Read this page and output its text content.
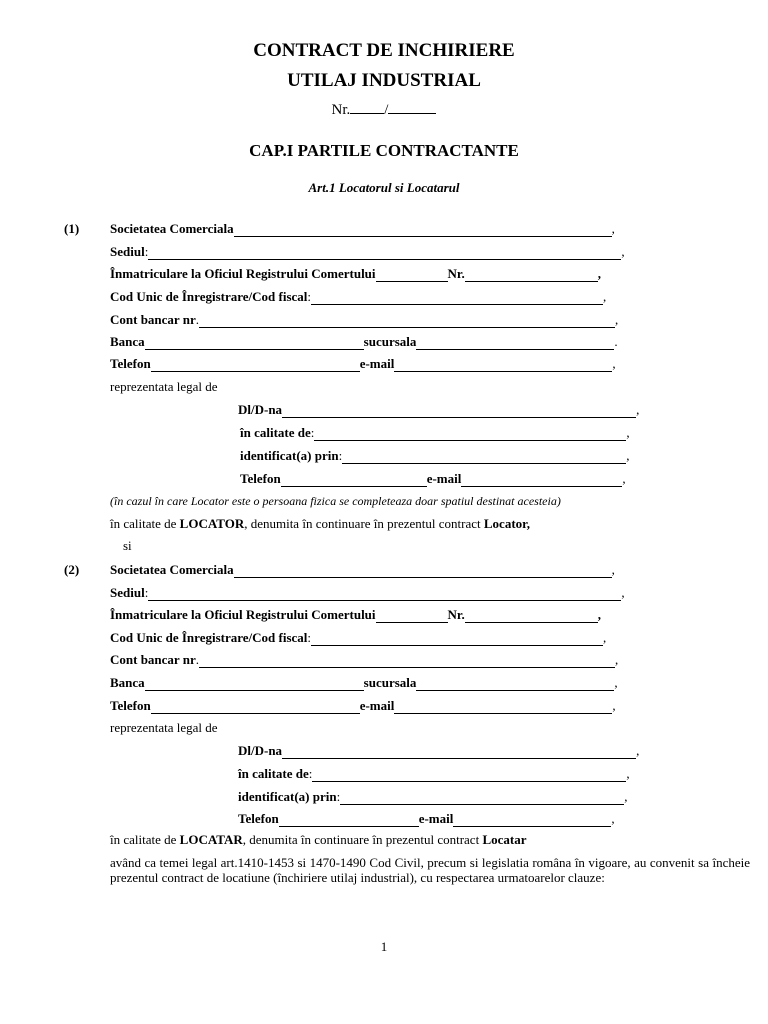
CONTRACT DE INCHIRIERE
UTILAJ INDUSTRIAL
Nr. /
CAP.I PARTILE CONTRACTANTE
Art.1 Locatorul si Locatarul
(1) Societatea Comerciala	,
Sediul :	,
Înmatriculare la Oficiul Registrului Comertului	Nr.	,
Cod Unic de Înregistrare/Cod fiscal :	,
Cont bancar nr .	,
Banca	sucursala	.
Telefon	e-mail	,
reprezentata legal de
Dl/D-na	,
în calitate de :	,
identificat(a) prin :	,
Telefon	e-mail	,
(în cazul în care Locator este o persoana fizica se completeaza doar spatiul destinat acesteia)
în calitate de LOCATOR , denumita în continuare în prezentul contract Locator,
si
(2) Societatea Comerciala	,
Sediul :	,
Înmatriculare la Oficiul Registrului Comertului	Nr.	,
Cod Unic de Înregistrare/Cod fiscal :	,
Cont bancar nr .	,
Banca	sucursala	,
Telefon	e-mail	,
reprezentata legal de
Dl/D-na	,
în calitate de :	,
identificat(a) prin :	,
Telefon	e-mail	,
în calitate de LOCATAR , denumita în continuare în prezentul contract Locatar
având ca temei legal art.1410-1453 si 1470-1490 Cod Civil, precum si legislatia româna în vigoare, au convenit sa încheie prezentul contract de locatiune (închiriere utilaj industrial), cu respectarea urmatoarelor clauze:
1
